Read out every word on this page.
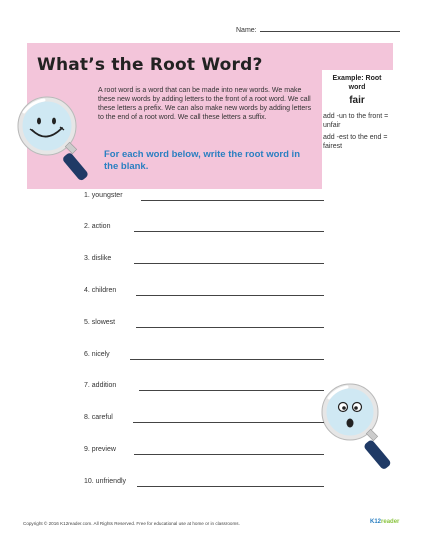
Name:
What’s the Root Word?
A root word is a word that can be made into new words. We make these new words by adding letters to the front of a root word. We call these letters a prefix. We can also make new words by adding letters to the end of a root word. We call these letters a suffix.
For each word below, write the root word in the blank.
Example: Root word
fair
add -un to the front = unfair
add -est to the end = fairest
1. youngster
2. action
3. dislike
4. children
5. slowest
6. nicely
7. addition
8. careful
9. preview
10. unfriendly
Copyright © 2016 K12reader.com. All Rights Reserved. Free for educational use at home or in classrooms.	K12reader
